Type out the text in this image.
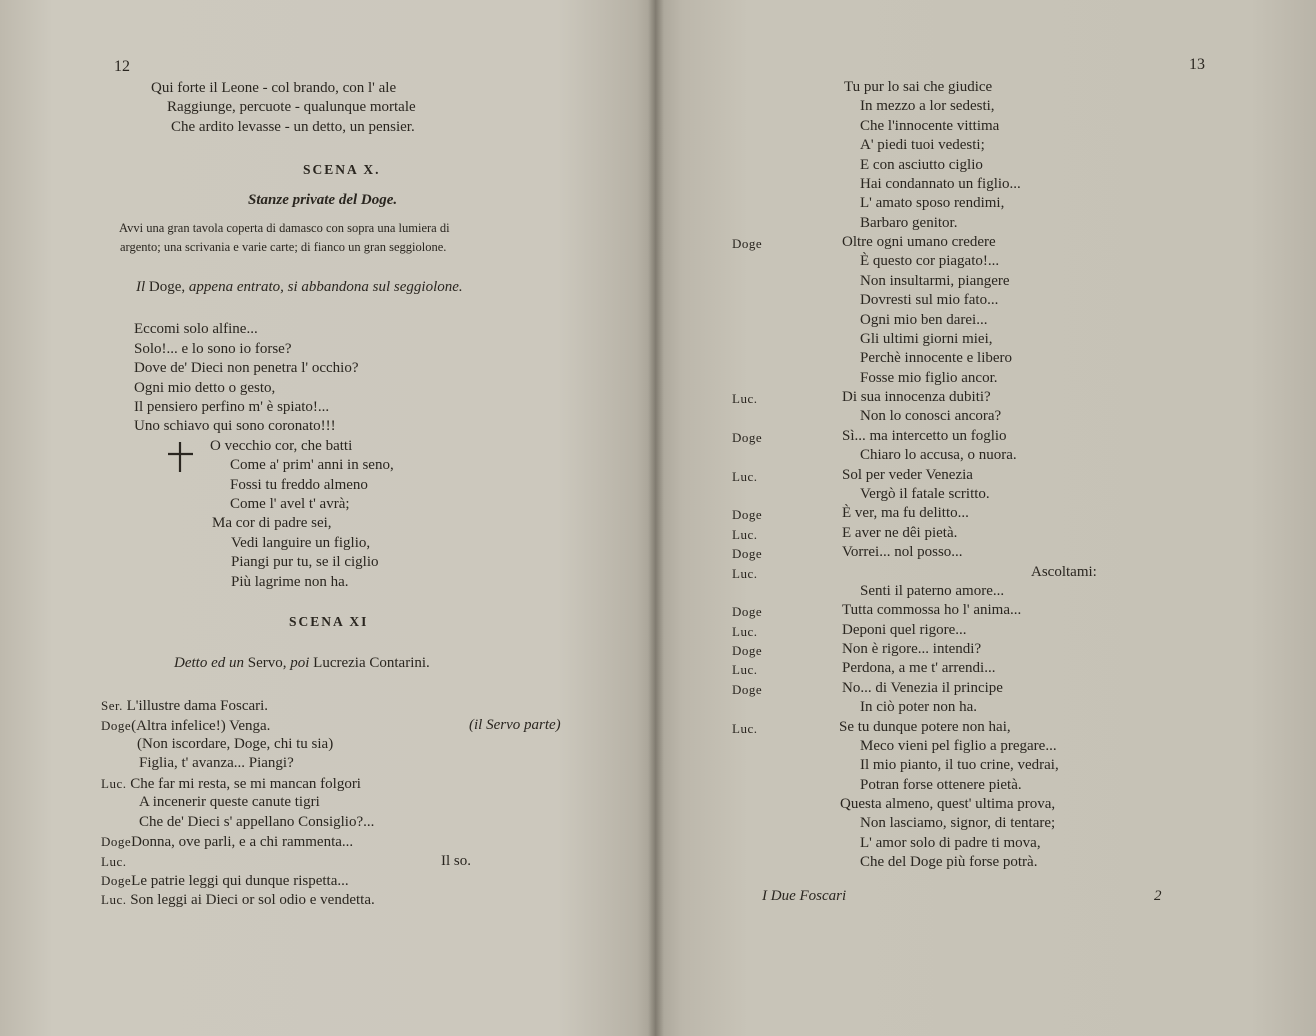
12
Qui forte il Leone - col brando, con l' ale
Raggiunge, percuote - qualunque mortale
Che ardito levasse - un detto, un pensier.
SCENA X.
Stanze private del Doge.
Avvi una gran tavola coperta di damasco con sopra una lumiera di
argento; una scrivania e varie carte; di fianco un gran seggiolone.
Il Doge, appena entrato, si abbandona sul seggiolone.
Eccomi solo alfine...
Solo!... e lo sono io forse?
Dove de' Dieci non penetra l' occhio?
Ogni mio detto o gesto,
Il pensiero perfino m' è spiato!...
Uno schiavo qui sono coronato!!!
O vecchio cor, che batti
Come a' prim' anni in seno,
Fossi tu freddo almeno
Come l' avel t' avrà;
Ma cor di padre sei,
Vedi languire un figlio,
Piangi pur tu, se il ciglio
Più lagrime non ha.
SCENA XI
Detto ed un Servo, poi Lucrezia Contarini.
Ser. L'illustre dama Foscari.
Doge(Altra infelice!) Venga.	(il Servo parte)
(Non iscordare, Doge, chi tu sia)
Figlia, t' avanza... Piangi?
Luc. Che far mi resta, se mi mancan folgori
A incenerir queste canute tigri
Che de' Dieci s' appellano Consiglio?...
DogeDonna, ove parli, e a chi rammenta...
Luc.	Il so.
DogeLe patrie leggi qui dunque rispetta...
Luc. Son leggi ai Dieci or sol odio e vendetta.
13
Tu pur lo sai che giudice
In mezzo a lor sedesti,
Che l'innocente vittima
A' piedi tuoi vedesti;
E con asciutto ciglio
Hai condannato un figlio...
L' amato sposo rendimi,
Barbaro genitor.
Doge	Oltre ogni umano credere
È questo cor piagato!...
Non insultarmi, piangere
Dovresti sul mio fato...
Ogni mio ben darei...
Gli ultimi giorni miei,
Perchè innocente e libero
Fosse mio figlio ancor.
Luc.	Di sua innocenza dubiti?
Non lo conosci ancora?
Doge	Sì... ma intercetto un foglio
Chiaro lo accusa, o nuora.
Luc.	Sol per veder Venezia
Vergò il fatale scritto.
Doge	È ver, ma fu delitto...
Luc.	E aver ne dêi pietà.
Doge	Vorrei... nol posso...
Luc.	Ascoltami:
Senti il paterno amore...
Doge	Tutta commossa ho l' anima...
Luc.	Deponi quel rigore...
Doge	Non è rigore... intendi?
Luc.	Perdona, a me t' arrendi...
Doge	No... di Venezia il principe
In ciò poter non ha.
Luc.	Se tu dunque potere non hai,
Meco vieni pel figlio a pregare...
Il mio pianto, il tuo crine, vedrai,
Potran forse ottenere pietà.
Questa almeno, quest' ultima prova,
Non lasciamo, signor, di tentare;
L' amor solo di padre ti mova,
Che del Doge più forse potrà.
I Due Foscari	2
